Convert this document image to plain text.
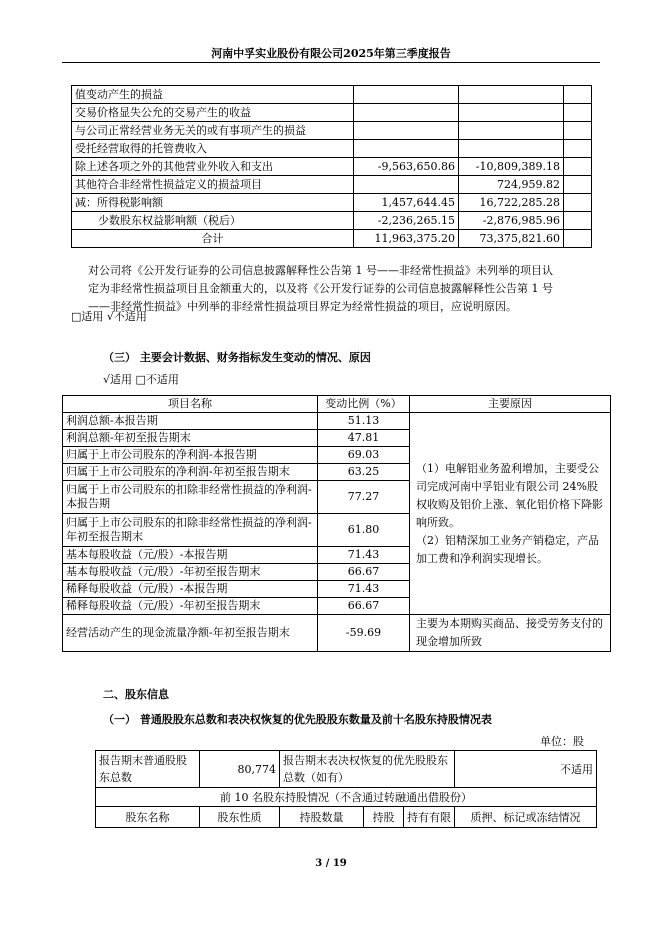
河南中孚实业股份有限公司2025年第三季度报告
值变动产生的损益			
交易价格显失公允的交易产生的收益			
与公司正常经营业务无关的或有事项产生的损益			
受托经营取得的托管费收入			
除上述各项之外的其他营业外收入和支出	-9,563,650.86	-10,809,389.18	
其他符合非经常性损益定义的损益项目		724,959.82	
减：所得税影响额	1,457,644.45	16,722,285.28	
少数股东权益影响额（税后）	-2,236,265.15	-2,876,985.96	
合计	11,963,375.20	73,375,821.60	
对公司将《公开发行证券的公司信息披露解释性公告第 1 号——非经常性损益》未列举的项目认
定为非经常性损益项目且金额重大的，以及将《公开发行证券的公司信息披露解释性公告第 1 号
——非经常性损益》中列举的非经常性损益项目界定为经常性损益的项目，应说明原因。
□适用 √不适用
（三） 主要会计数据、财务指标发生变动的情况、原因
√适用 □不适用
项目名称	变动比例（%）	主要原因
利润总额-本报告期	51.13	（1）电解铝业务盈利增加，主要受公司完成河南中孚铝业有限公司 24%股权收购及铝价上涨、氧化铝价格下降影响所致。
（2）铝精深加工业务产销稳定，产品加工费和净利润实现增长。

利润总额-年初至报告期末	47.81	
归属于上市公司股东的净利润-本报告期	69.03	
归属于上市公司股东的净利润-年初至报告期末	63.25	
归属于上市公司股东的扣除非经常性损益的净利润-本报告期	77.27	
归属于上市公司股东的扣除非经常性损益的净利润-年初至报告期末	61.80	
基本每股收益（元/股）-本报告期	71.43	
基本每股收益（元/股）-年初至报告期末	66.67	
稀释每股收益（元/股）-本报告期	71.43	
稀释每股收益（元/股）-年初至报告期末	66.67	
经营活动产生的现金流量净额-年初至报告期末	-59.69	主要为本期购买商品、接受劳务支付的现金增加所致
二、股东信息
（一） 普通股股东总数和表决权恢复的优先股股东数量及前十名股东持股情况表
单位：股
报告期末普通股股东总数	80,774	报告期末表决权恢复的优先股股东总数（如有）			不适用
前 10 名股东持股情况（不含通过转融通出借股份）					
股东名称	股东性质	持股数量	持股	持有有限	质押、标记或冻结情况
3 / 19
